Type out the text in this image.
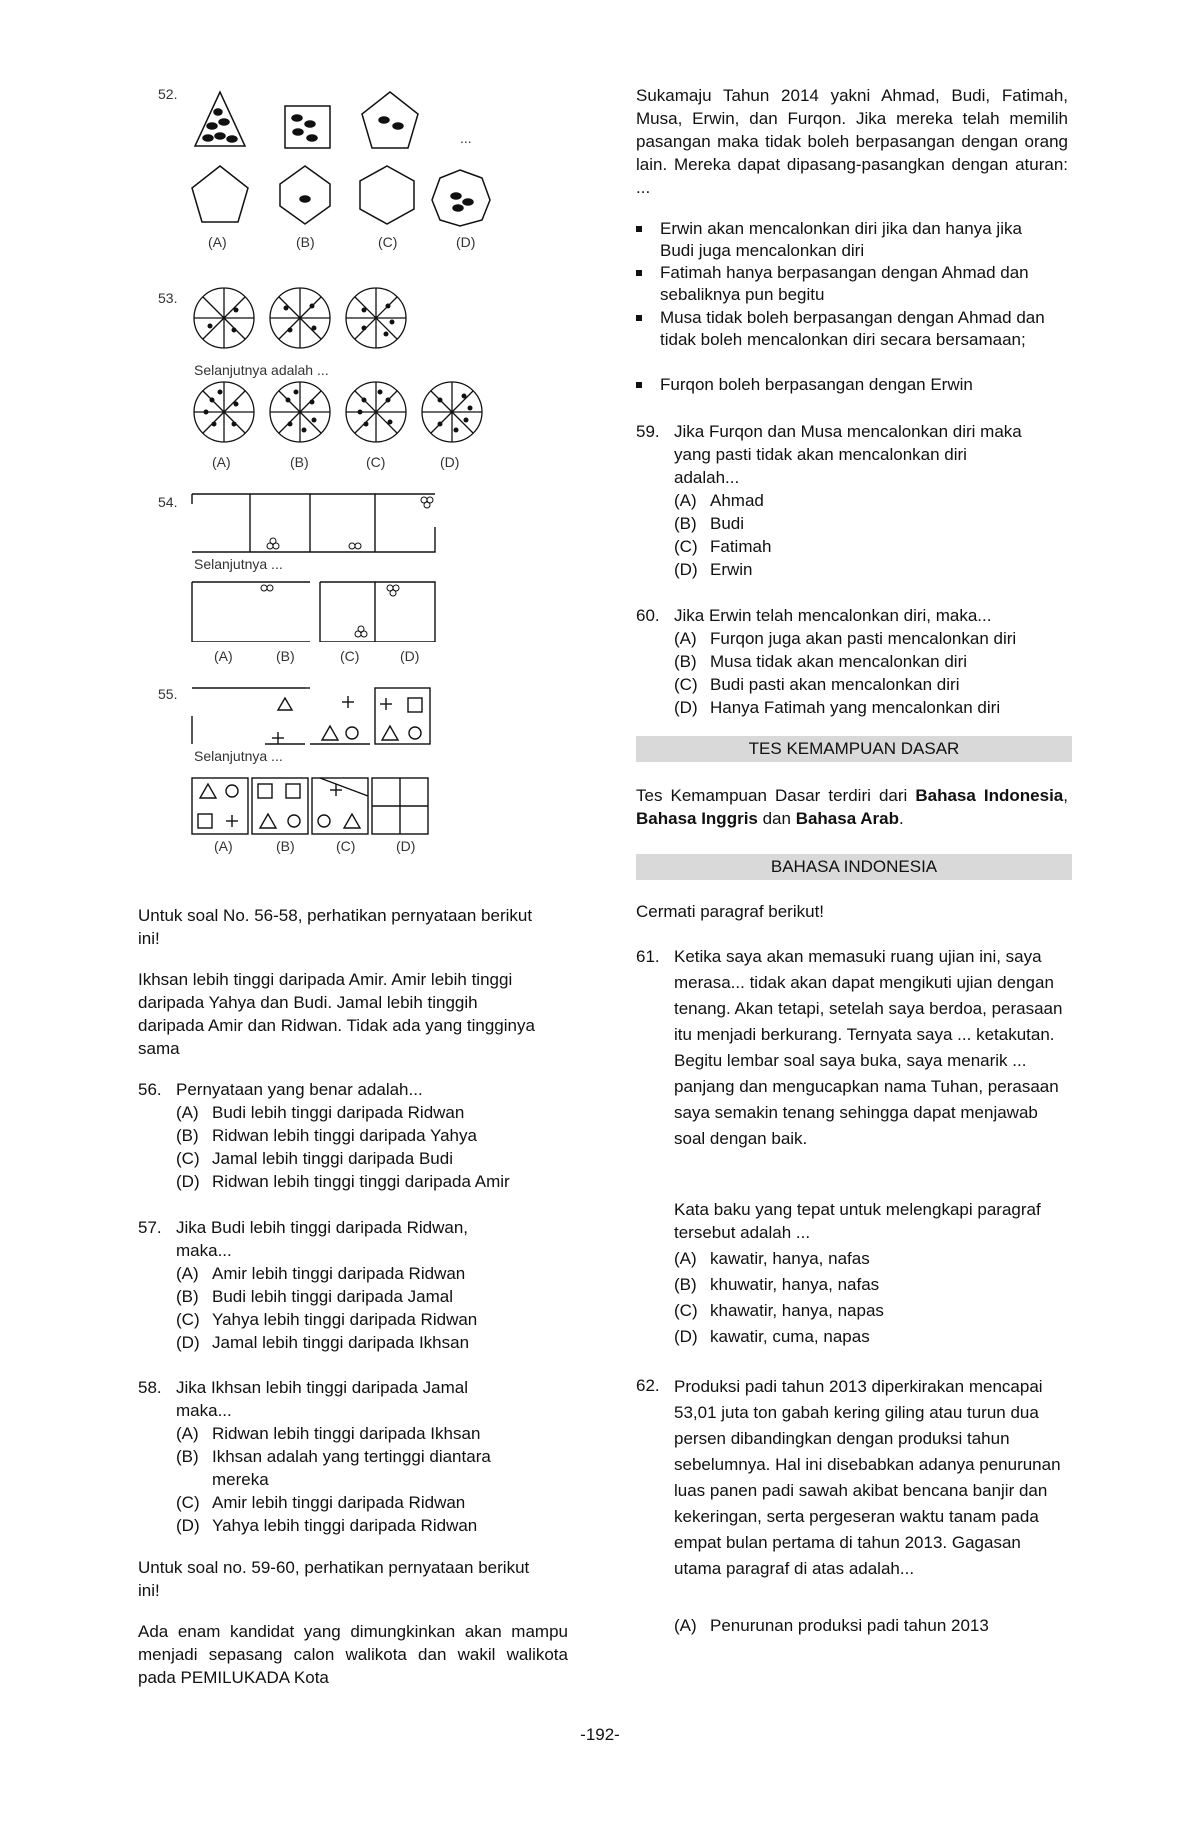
52.
...
(A)	(B)	(C)	(D)
53.
Selanjutnya adalah ...
(A)	(B)	(C)	(D)
54.
Selanjutnya ...
(A)	(B)	(C)	(D)
55.
Selanjutnya ...
(A)	(B)	(C)	(D)

Untuk soal No. 56-58, perhatikan pernyataan berikut ini!

Ikhsan lebih tinggi daripada Amir. Amir lebih tinggi daripada Yahya dan Budi. Jamal lebih tinggih daripada Amir dan Ridwan. Tidak ada yang tingginya sama

56. Pernyataan yang benar adalah...
(A) Budi lebih tinggi daripada Ridwan
(B) Ridwan lebih tinggi daripada Yahya
(C) Jamal lebih tinggi daripada Budi
(D) Ridwan lebih tinggi tinggi daripada Amir
57. Jika Budi lebih tinggi daripada Ridwan, maka...
(A) Amir lebih tinggi daripada Ridwan
(B) Budi lebih tinggi daripada Jamal
(C) Yahya lebih tinggi daripada Ridwan
(D) Jamal lebih tinggi daripada Ikhsan
58. Jika Ikhsan lebih tinggi daripada Jamal maka...
(A) Ridwan lebih tinggi daripada Ikhsan
(B) Ikhsan adalah yang tertinggi diantara
mereka
(C) Amir lebih tinggi daripada Ridwan
(D) Yahya lebih tinggi daripada Ridwan

Untuk soal no. 59-60, perhatikan pernyataan berikut ini!

Ada enam kandidat yang dimungkinkan akan mampu menjadi sepasang calon walikota dan wakil walikota pada PEMILUKADA Kota

Sukamaju Tahun 2014 yakni Ahmad, Budi, Fatimah, Musa, Erwin, dan Furqon. Jika mereka telah memilih pasangan maka tidak boleh berpasangan dengan orang lain. Mereka dapat dipasang-pasangkan dengan aturan: ...

Erwin akan mencalonkan diri jika dan hanya jika Budi juga mencalonkan diri
Fatimah hanya berpasangan dengan Ahmad dan sebaliknya pun begitu
Musa tidak boleh berpasangan dengan Ahmad dan tidak boleh mencalonkan diri secara bersamaan;
Furqon boleh berpasangan dengan Erwin
59. Jika Furqon dan Musa mencalonkan diri maka yang pasti tidak akan mencalonkan diri adalah...
(A) Ahmad
(B) Budi
(C) Fatimah
(D) Erwin
60. Jika Erwin telah mencalonkan diri, maka...
(A) Furqon juga akan pasti mencalonkan diri
(B) Musa tidak akan mencalonkan diri
(C) Budi pasti akan mencalonkan diri
(D) Hanya Fatimah yang mencalonkan diri
TES KEMAMPUAN DASAR

Tes Kemampuan Dasar terdiri dari Bahasa Indonesia, Bahasa Inggris dan Bahasa Arab.

BAHASA INDONESIA

Cermati paragraf berikut!

61. Ketika saya akan memasuki ruang ujian ini, saya merasa... tidak akan dapat mengikuti ujian dengan tenang. Akan tetapi, setelah saya berdoa, perasaan itu menjadi berkurang. Ternyata saya ... ketakutan. Begitu lembar soal saya buka, saya menarik ... panjang dan mengucapkan nama Tuhan, perasaan saya semakin tenang sehingga dapat menjawab soal dengan baik.
Kata baku yang tepat untuk melengkapi paragraf tersebut adalah ...
(A) kawatir, hanya, nafas
(B) khuwatir, hanya, nafas
(C) khawatir, hanya, napas
(D) kawatir, cuma, napas
62. Produksi padi tahun 2013 diperkirakan mencapai 53,01 juta ton gabah kering giling atau turun dua persen dibandingkan dengan produksi tahun sebelumnya. Hal ini disebabkan adanya penurunan luas panen padi sawah akibat bencana banjir dan kekeringan, serta pergeseran waktu tanam pada empat bulan pertama di tahun 2013. Gagasan utama paragraf di atas adalah...
(A) Penurunan produksi padi tahun 2013
-192-
